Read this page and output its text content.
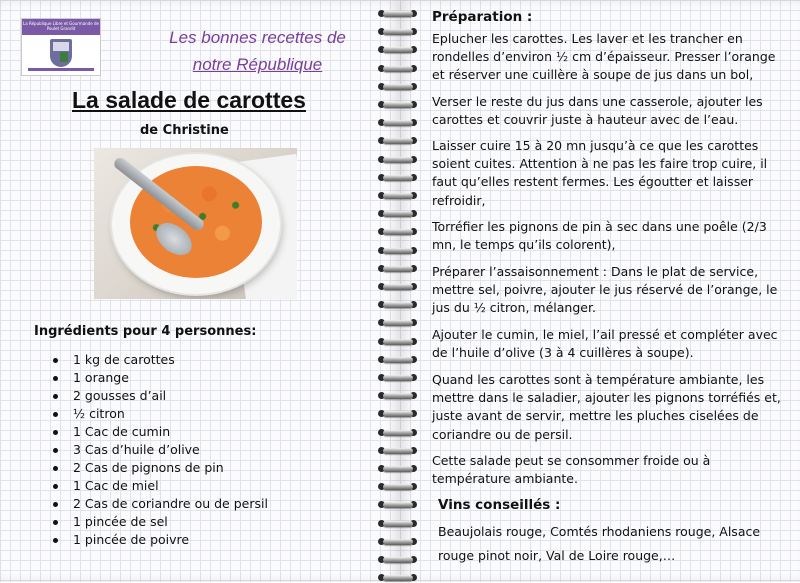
La République Libre et Gourmande de Poulet Grandit	Les bonnes recettes de
notre République
La salade de carottes
de Christine
Ingrédients pour 4 personnes:
1 kg de carottes
1 orange
2 gousses d’ail
½ citron
1 Cac de cumin
3 Cas d’huile d’olive
2 Cas de pignons de pin
1 Cac de miel
2 Cas de coriandre ou de persil
1 pincée de sel
1 pincée de poivre
Préparation :
Eplucher les carottes. Les laver et les trancher en rondelles d’environ ½ cm d’épaisseur. Presser l’orange et réserver une cuillère à soupe de jus dans un bol,
Verser le reste du jus dans une casserole, ajouter les carottes et couvrir juste à hauteur avec de l’eau.
Laisser cuire 15 à 20 mn jusqu’à ce que les carottes soient cuites. Attention à ne pas les faire trop cuire, il faut qu’elles restent fermes. Les égoutter et laisser refroidir,
Torréfier les pignons de pin à sec dans une poêle (2/3 mn, le temps qu’ils colorent),
Préparer l’assaisonnement : Dans le plat de service, mettre sel, poivre, ajouter le jus réservé de l’orange, le jus du ½ citron, mélanger.
Ajouter le cumin, le miel, l’ail pressé et compléter avec de l’huile d’olive (3 à 4 cuillères à soupe).
Quand les carottes sont à température ambiante, les mettre dans le saladier, ajouter les pignons torréfiés et, juste avant de servir, mettre les pluches ciselées de coriandre ou de persil.
Cette salade peut se consommer froide ou à température ambiante.
Vins conseillés :
Beaujolais rouge, Comtés rhodaniens rouge, Alsace rouge pinot noir, Val de Loire rouge,…
